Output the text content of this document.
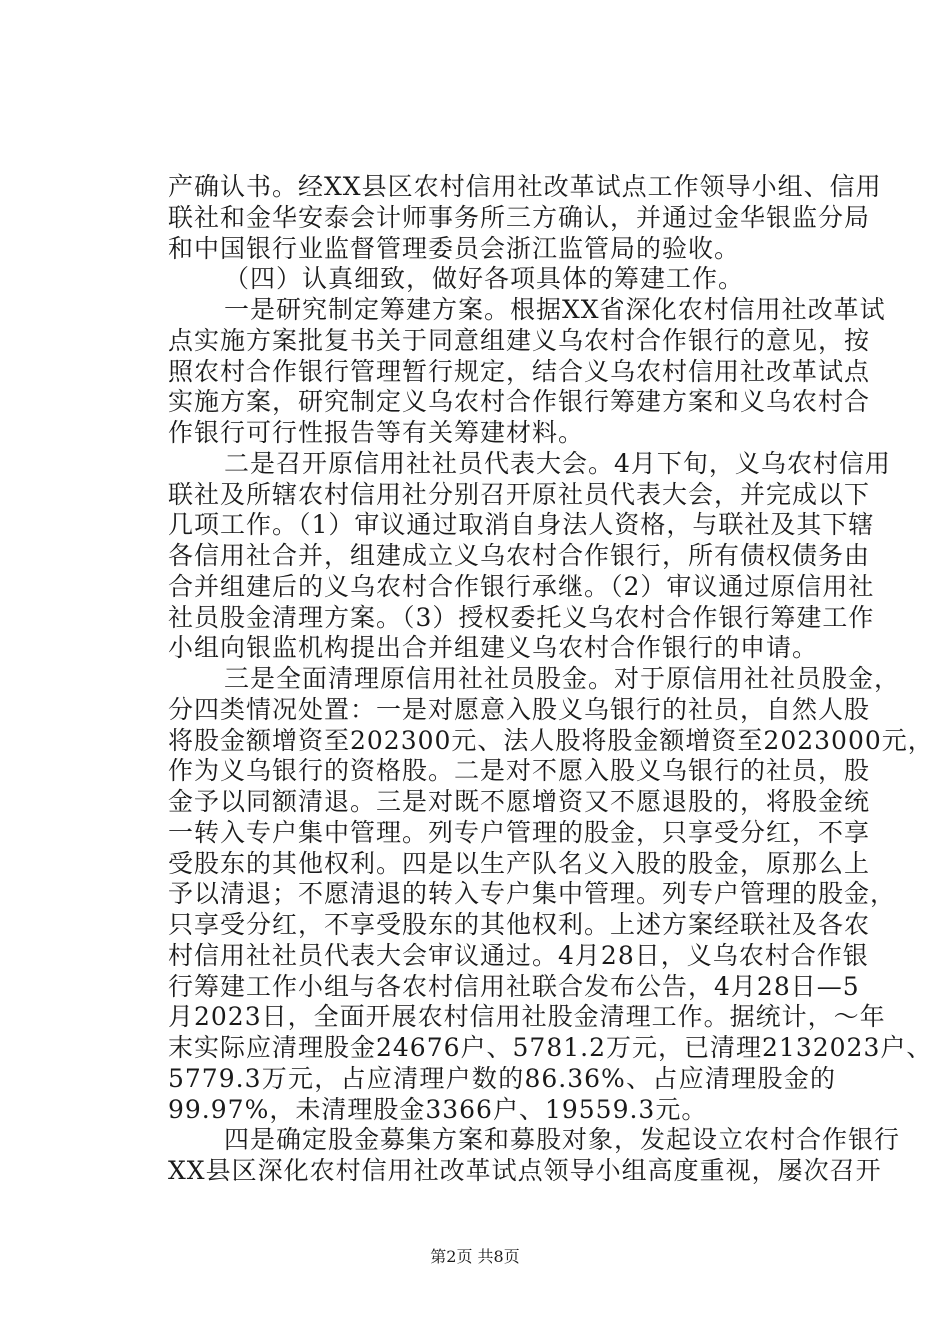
产确认书。经XX县区农村信用社改革试点工作领导小组、信用
联社和金华安泰会计师事务所三方确认，并通过金华银监分局
和中国银行业监督管理委员会浙江监管局的验收。
（四）认真细致，做好各项具体的筹建工作。
一是研究制定筹建方案。根据XX省深化农村信用社改革试
点实施方案批复书关于同意组建义乌农村合作银行的意见，按
照农村合作银行管理暂行规定，结合义乌农村信用社改革试点
实施方案，研究制定义乌农村合作银行筹建方案和义乌农村合
作银行可行性报告等有关筹建材料。
二是召开原信用社社员代表大会。4月下旬，义乌农村信用
联社及所辖农村信用社分别召开原社员代表大会，并完成以下
几项工作。（1）审议通过取消自身法人资格，与联社及其下辖
各信用社合并，组建成立义乌农村合作银行，所有债权债务由
合并组建后的义乌农村合作银行承继。（2）审议通过原信用社
社员股金清理方案。（3）授权委托义乌农村合作银行筹建工作
小组向银监机构提出合并组建义乌农村合作银行的申请。
三是全面清理原信用社社员股金。对于原信用社社员股金，
分四类情况处置：一是对愿意入股义乌银行的社员，自然人股
将股金额增资至202300元、法人股将股金额增资至2023000元，
作为义乌银行的资格股。二是对不愿入股义乌银行的社员，股
金予以同额清退。三是对既不愿增资又不愿退股的，将股金统
一转入专户集中管理。列专户管理的股金，只享受分红，不享
受股东的其他权利。四是以生产队名义入股的股金，原那么上
予以清退；不愿清退的转入专户集中管理。列专户管理的股金，
只享受分红，不享受股东的其他权利。上述方案经联社及各农
村信用社社员代表大会审议通过。4月28日，义乌农村合作银
行筹建工作小组与各农村信用社联合发布公告，4月28日—5
月2023日，全面开展农村信用社股金清理工作。据统计，～年
末实际应清理股金24676户、5781.2万元，已清理2132023户、
5779.3万元，占应清理户数的86.36%、占应清理股金的
99.97%，未清理股金3366户、19559.3元。
四是确定股金募集方案和募股对象，发起设立农村合作银行
XX县区深化农村信用社改革试点领导小组高度重视，屡次召开
第2页 共8页
